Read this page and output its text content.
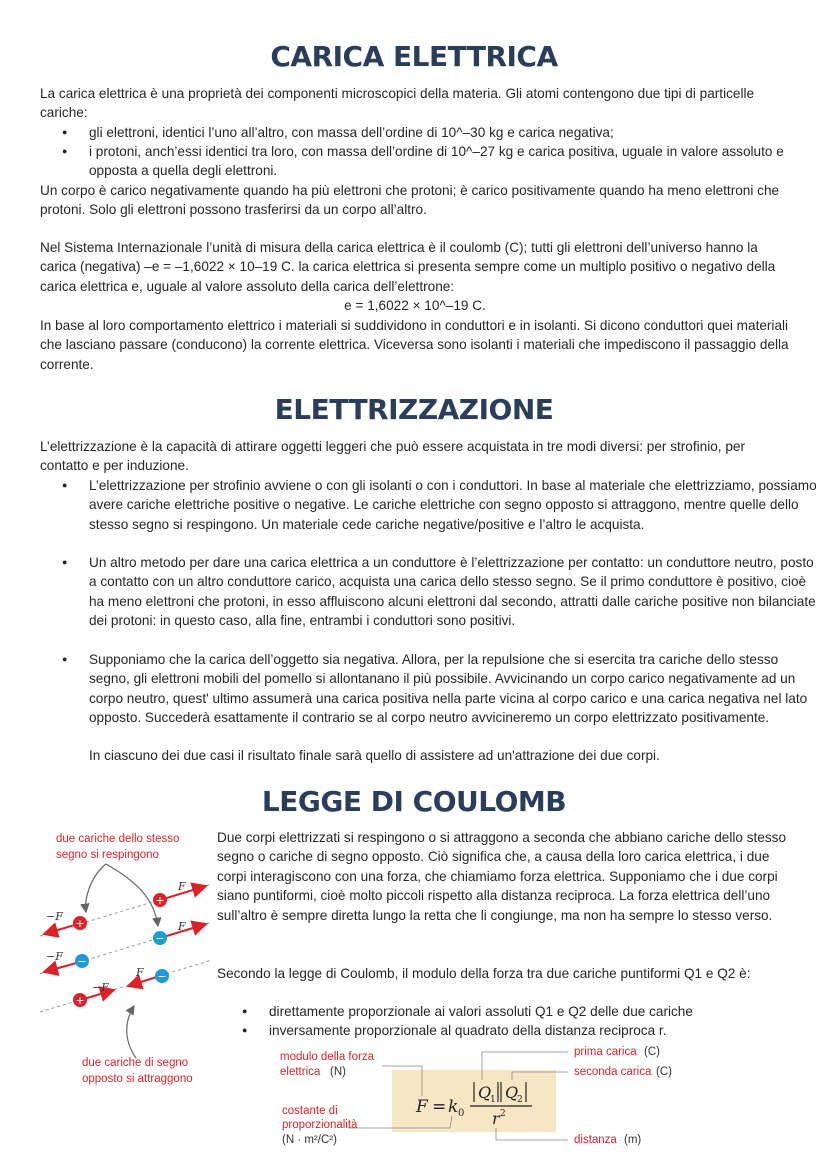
CARICA ELETTRICA

La carica elettrica è una proprietà dei componenti microscopici della materia. Gli atomi contengono due tipi di particelle cariche:

● gli elettroni, identici l’uno all’altro, con massa dell’ordine di 10^–30 kg e carica negativa;

● i protoni, anch’essi identici tra loro, con massa dell’ordine di 10^–27 kg e carica positiva, uguale in valore assoluto e opposta a quella degli elettroni.

Un corpo è carico negativamente quando ha più elettroni che protoni; è carico positivamente quando ha meno elettroni che protoni. Solo gli elettroni possono trasferirsi da un corpo all’altro.

Nel Sistema Internazionale l’unità di misura della carica elettrica è il coulomb (C); tutti gli elettroni dell’universo hanno la carica (negativa) –e = –1,6022 × 10–19 C. la carica elettrica si presenta sempre come un multiplo positivo o negativo della carica elettrica e, uguale al valore assoluto della carica dell’elettrone:

e = 1,6022 × 10^–19 C.

In base al loro comportamento elettrico i materiali si suddividono in conduttori e in isolanti. Si dicono conduttori quei materiali che lasciano passare (conducono) la corrente elettrica. Viceversa sono isolanti i materiali che impediscono il passaggio della corrente.

ELETTRIZZAZIONE

L’elettrizzazione è la capacità di attirare oggetti leggeri che può essere acquistata in tre modi diversi: per strofinio, per contatto e per induzione.

● L’elettrizzazione per strofinio avviene o con gli isolanti o con i conduttori. In base al materiale che elettrizziamo, possiamo avere cariche elettriche positive o negative. Le cariche elettriche con segno opposto si attraggono, mentre quelle dello stesso segno si respingono. Un materiale cede cariche negative/positive e l’altro le acquista.

● Un altro metodo per dare una carica elettrica a un conduttore è l’elettrizzazione per contatto: un conduttore neutro, posto a contatto con un altro conduttore carico, acquista una carica dello stesso segno. Se il primo conduttore è positivo, cioè ha meno elettroni che protoni, in esso affluiscono alcuni elettroni dal secondo, attratti dalle cariche positive non bilanciate dei protoni: in questo caso, alla fine, entrambi i conduttori sono positivi.

● Supponiamo che la carica dell’oggetto sia negativa. Allora, per la repulsione che si esercita tra cariche dello stesso segno, gli elettroni mobili del pomello si allontanano il più possibile. Avvicinando un corpo carico negativamente ad un corpo neutro, quest' ultimo assumerà una carica positiva nella parte vicina al corpo carico e una carica negativa nel lato opposto. Succederà esattamente il contrario se al corpo neutro avvicineremo un corpo elettrizzato positivamente.

In ciascuno dei due casi il risultato finale sarà quello di assistere ad un'attrazione dei due corpi.

LEGGE DI COULOMB

Due corpi elettrizzati si respingono o si attraggono a seconda che abbiano cariche dello stesso segno o cariche di segno opposto. Ciò significa che, a causa della loro carica elettrica, i due corpi interagiscono con una forza, che chiamiamo forza elettrica. Supponiamo che i due corpi siano puntiformi, cioè molto piccoli rispetto alla distanza reciproca. La forza elettrica dell’uno sull’altro è sempre diretta lungo la retta che li congiunge, ma non ha sempre lo stesso verso.

Secondo la legge di Coulomb, il modulo della forza tra due cariche puntiformi Q1 e Q2 è:

● direttamente proporzionale ai valori assoluti Q1 e Q2 delle due cariche

● inversamente proporzionale al quadrato della distanza reciproca r.

due cariche dello stesso
segno si respingono
+
+
−F
F
−
−
−F
F
+
−
−F
F
due cariche di segno
opposto si attraggono
F = k 0
Q
1 Q
2
r 2
modulo della forza
elettrica (N)
costante di
proporzionalità
(N · m²/C²)
prima carica (C)
seconda carica (C)
distanza (m)
